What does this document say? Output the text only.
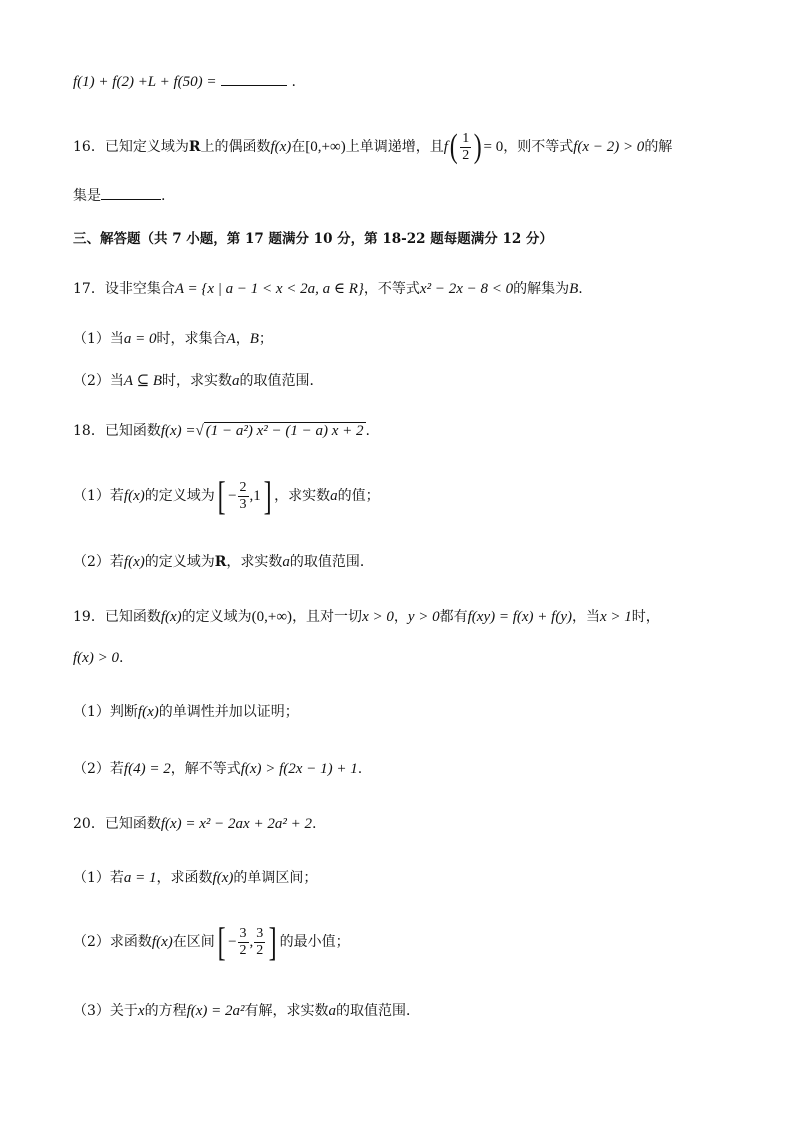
f(1) + f(2) +L + f(50) =	.
16．已知定义域为R上的偶函数f(x)在[0,+∞)上单调递增，且$f( \frac{1}{2}$ ) = 0，则不等式f(x − 2) > 0的解
集是	.
三、解答题（共 7 小题，第 17 题满分 10 分，第 18-22 题每题满分 12 分）
17．设非空集合A = {x | a − 1 < x < 2a, a ∈ R}，不等式x² − 2x − 8 < 0的解集为B.
（1）当a = 0时，求集合A，B；
（2）当A ⊆ B时，求实数a的取值范围．
18．已知函数f(x) =√ (1 − a²) x² − (1 − a) x + 2 .
（1）若f(x)的定义域为[ − $\frac{2}{3} ,1$] ，求实数a的值；
（2）若f(x)的定义域为R，求实数a的取值范围．
19．已知函数f(x)的定义域为(0,+∞)，且对一切x > 0，y > 0都有f(xy) = f(x) + f(y)，当x > 1时，
f(x) > 0.
（1）判断f(x)的单调性并加以证明；
（2）若f(4) = 2，解不等式f(x) > f(2x − 1) + 1.
20．已知函数f(x) = x² − 2ax + 2a² + 2.
（1）若a = 1，求函数f(x)的单调区间；
（2）求函数f(x)在区间[ − $\frac{3}{2}$ , $\frac{3}{2}$ ] 的最小值；
（3）关于x的方程f(x) = 2a²有解，求实数a的取值范围．
